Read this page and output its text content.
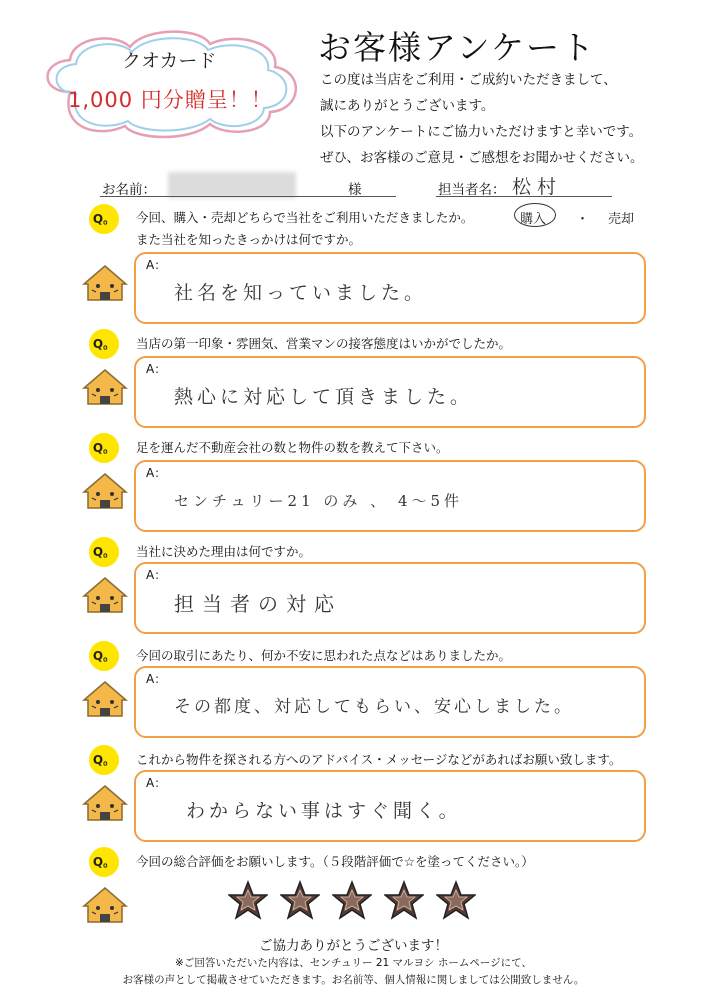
クオカード
1,000 円分贈呈！！
お客様アンケート
この度は当店をご利用・ご成約いただきまして、
誠にありがとうございます。
以下のアンケートにご協力いただけますと幸いです。
ぜひ、お客様のご意見・ご感想をお聞かせください。
お名前：	様	担当者名： 松村
Q。	今回、購入・売却どちらで当社をご利用いただきましたか。
また当社を知ったきっかけは何ですか。
購入 ・ 売却
A：
社名を知っていました。
Q。	当店の第一印象・雰囲気、営業マンの接客態度はいかがでしたか。
A：
熱心に対応して頂きました。
Q。	足を運んだ不動産会社の数と物件の数を教えて下さい。
A：
センチュリー21 のみ 、 4〜5件
Q。	当社に決めた理由は何ですか。
A：
担当者の対応
Q。	今回の取引にあたり、何か不安に思われた点などはありましたか。
A：
その都度、対応してもらい、安心しました。
Q。	これから物件を探される方へのアドバイス・メッセージなどがあればお願い致します。
A：
わからない事はすぐ聞く。
Q。	今回の総合評価をお願いします。（５段階評価で☆を塗ってください。）
ご協力ありがとうございます！
※ご回答いただいた内容は、センチュリー 21 マルヨシ ホームページにて、
お客様の声として掲載させていただきます。お名前等、個人情報に関しましては公開致しません。
